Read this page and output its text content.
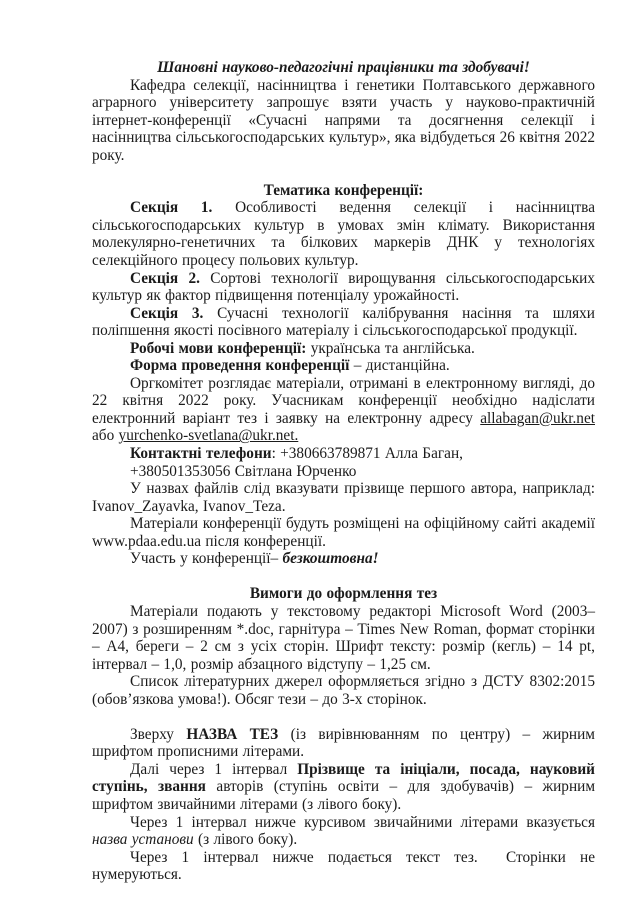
Шановні науково-педагогічні працівники та здобувачі!

Кафедра селекції, насінництва і генетики Полтавського державного аграрного університету запрошує взяти участь у науково-практичній інтернет-конференції «Сучасні напрями та досягнення селекції і насінництва сільськогосподарських культур», яка відбудеться 26 квітня 2022 року.

Тематика конференції:

Секція 1. Особливості ведення селекції і насінництва сільськогосподарських культур в умовах змін клімату. Використання молекулярно-генетичних та білкових маркерів ДНК у технологіях селекційного процесу польових культур.

Секція 2. Сортові технології вирощування сільськогосподарських культур як фактор підвищення потенціалу урожайності.

Секція 3. Сучасні технології калібрування насіння та шляхи поліпшення якості посівного матеріалу і сільськогосподарської продукції.

Робочі мови конференції: українська та англійська.

Форма проведення конференції – дистанційна.

Оргкомітет розглядає матеріали, отримані в електронному вигляді, до 22 квітня 2022 року. Учасникам конференції необхідно надіслати електронний варіант тез і заявку на електронну адресу allabagan@ukr.net або yurchenko-svetlana@ukr.net.

Контактні телефони: +380663789871 Алла Баган,

+380501353056 Світлана Юрченко

У назвах файлів слід вказувати прізвище першого автора, наприклад: Ivanov_Zayavka, Ivanov_Teza.

Матеріали конференції будуть розміщені на офіційному сайті академії www.pdaa.edu.ua після конференції.

Участь у конференції– безкоштовна!

Вимоги до оформлення тез

Матеріали подають у текстовому редакторі Microsoft Word (2003–2007) з розширенням *.doc, гарнітура – Times New Roman, формат сторінки – А4, береги – 2 см з усіх сторін. Шрифт тексту: розмір (кегль) – 14 pt, інтервал – 1,0, розмір абзацного відступу – 1,25 см.

Список літературних джерел оформляється згідно з ДСТУ 8302:2015 (обов’язкова умова!). Обсяг тези – до 3-х сторінок.

Зверху НАЗВА ТЕЗ (із вирівнюванням по центру) – жирним шрифтом прописними літерами.

Далі через 1 інтервал Прізвище та ініціали, посада, науковий ступінь, звання авторів (ступінь освіти – для здобувачів) – жирним шрифтом звичайними літерами (з лівого боку).

Через 1 інтервал нижче курсивом звичайними літерами вказується назва установи (з лівого боку).

Через 1 інтервал нижче подається текст тез.  Сторінки не нумеруються.
